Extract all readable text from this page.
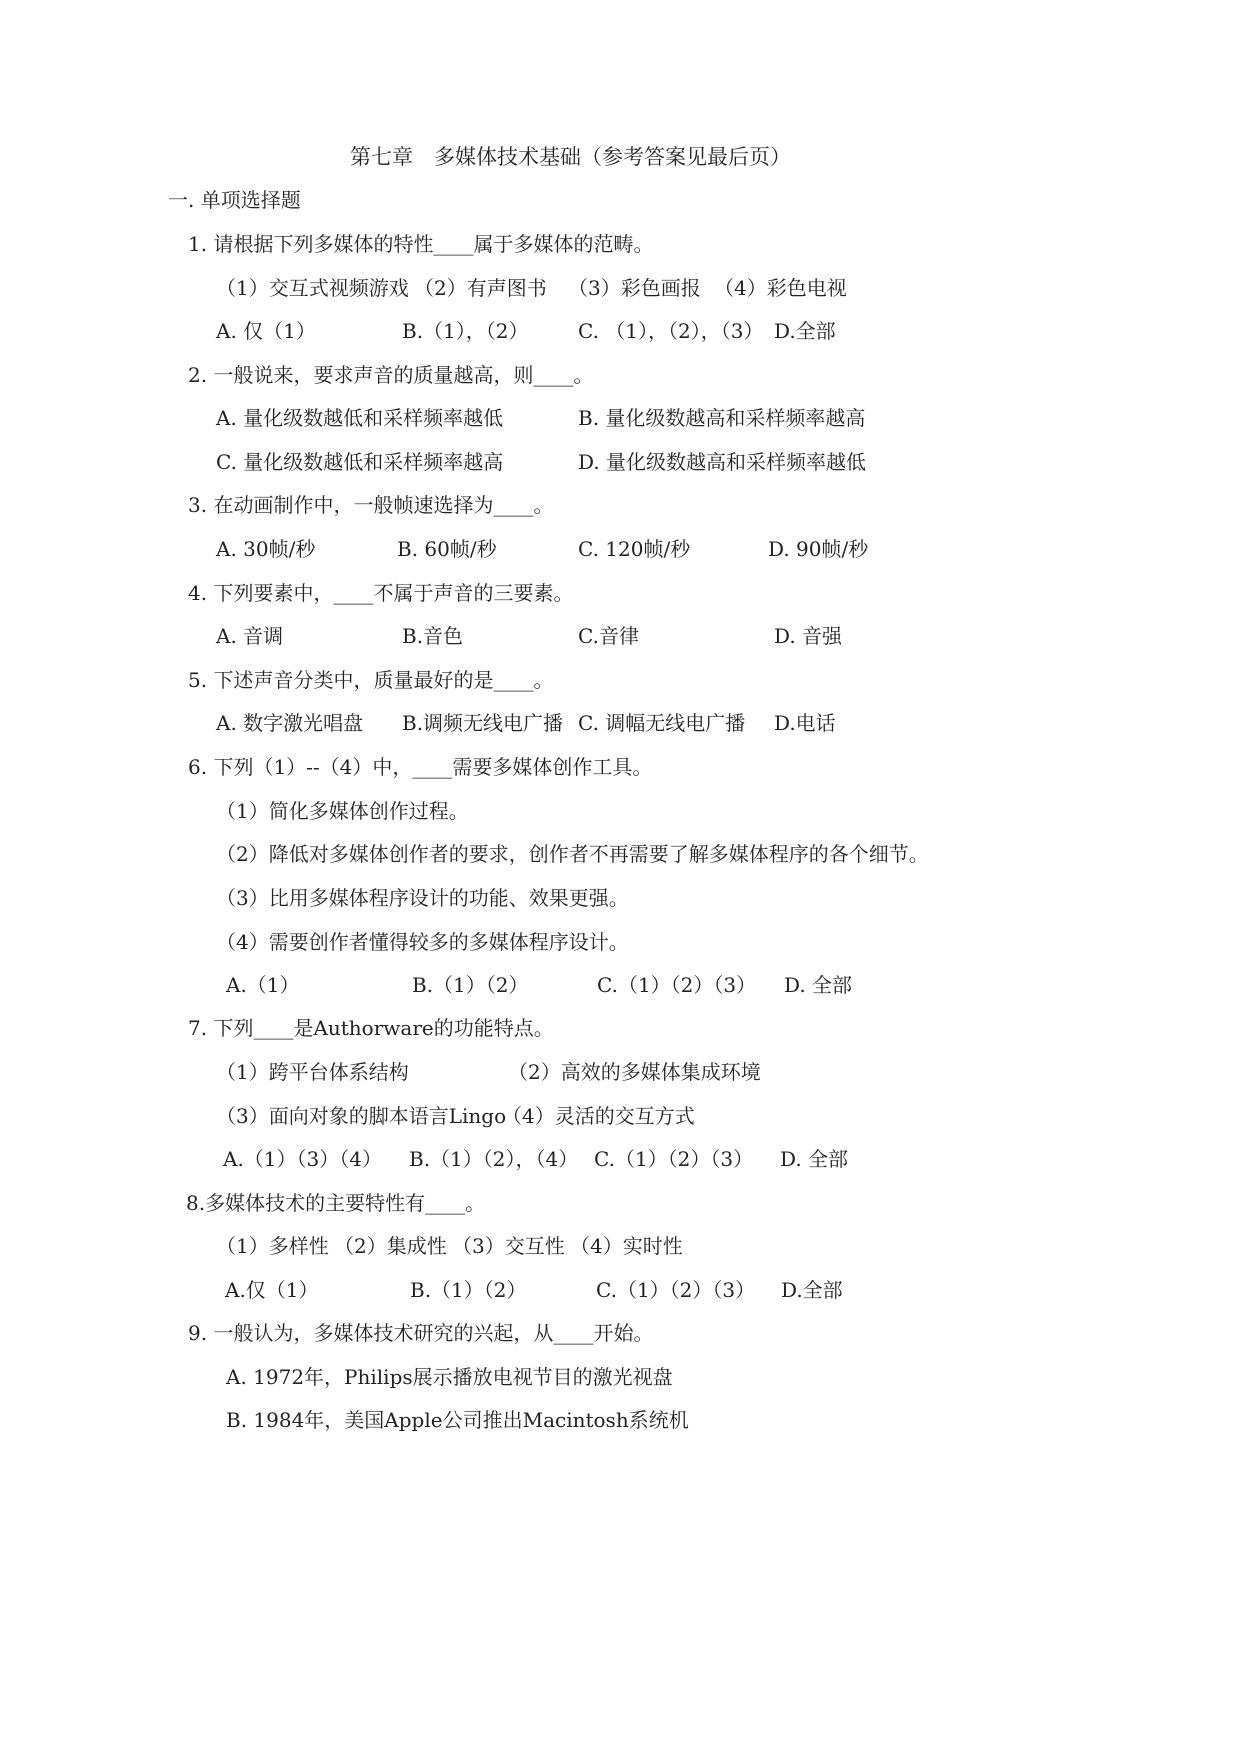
第七章　多媒体技术基础（参考答案见最后页）
一. 单项选择题
1. 请根据下列多媒体的特性____属于多媒体的范畴。
（1）交互式视频游戏 （2）有声图书 （3）彩色画报 （4）彩色电视
A. 仅（1）	B.（1），（2） C. （1），（2），（3） D.全部
2. 一般说来，要求声音的质量越高，则____。
A. 量化级数越低和采样频率越低	B. 量化级数越高和采样频率越高
C. 量化级数越低和采样频率越高	D. 量化级数越高和采样频率越低
3. 在动画制作中，一般帧速选择为____。
A. 30帧/秒	B. 60帧/秒	C. 120帧/秒	D. 90帧/秒
4. 下列要素中，____不属于声音的三要素。
A. 音调	B.音色	C.音律	D. 音强
5. 下述声音分类中，质量最好的是____。
A. 数字激光唱盘 B.调频无线电广播 C. 调幅无线电广播 D.电话
6. 下列（1）--（4）中，____需要多媒体创作工具。
（1）简化多媒体创作过程。
（2）降低对多媒体创作者的要求，创作者不再需要了解多媒体程序的各个细节。
（3）比用多媒体程序设计的功能、效果更强。
（4）需要创作者懂得较多的多媒体程序设计。
A.（1）	B.（1）（2）	C.（1）（2）（3） D. 全部
7. 下列____是Authorware的功能特点。
（1）跨平台体系结构	（2）高效的多媒体集成环境
（3）面向对象的脚本语言Lingo
（4）灵活的交互方式
A.（1）（3）（4） B.（1）（2），（4） C.（1）（2）（3） D. 全部
8.多媒体技术的主要特性有____。
（1）多样性 （2）集成性 （3）交互性 （4）实时性
A.仅（1）	B.（1）（2）	C.（1）（2）（3） D.全部
9. 一般认为，多媒体技术研究的兴起，从____开始。
A. 1972年，Philips展示播放电视节目的激光视盘
B. 1984年，美国Apple公司推出Macintosh系统机
